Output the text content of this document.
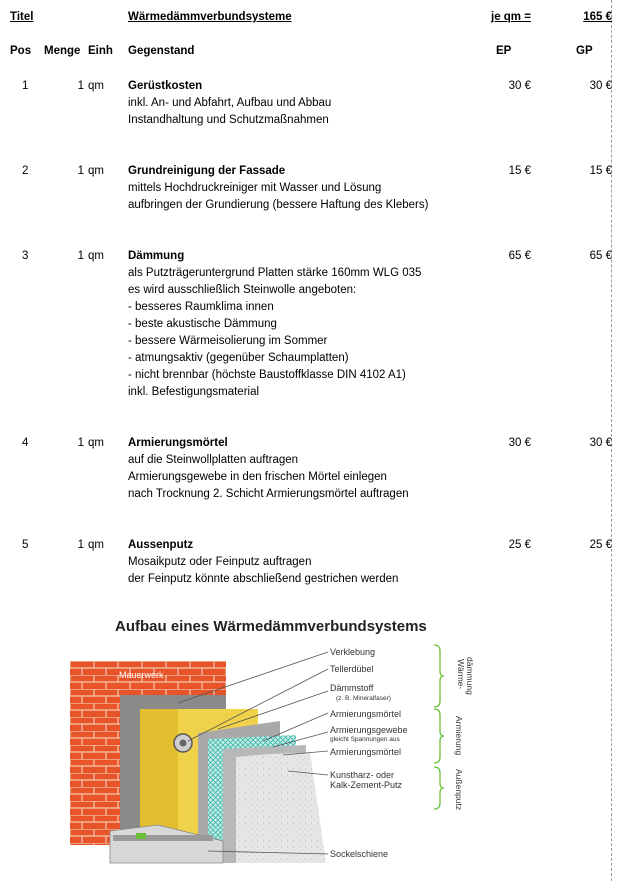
Titel	Wärmedämmverbundsysteme	je qm =	165 €
Pos Menge Einh Gegenstand	EP	GP
1	1 qm Gerüstkosten
inkl. An- und Abfahrt, Aufbau und Abbau
Instandhaltung und Schutzmaßnahmen
30 €	30 €
2	1 qm Grundreinigung der Fassade
mittels Hochdruckreiniger mit Wasser und Lösung
aufbringen der Grundierung (bessere Haftung des Klebers)
15 €	15 €
3	1 qm Dämmung
als Putzträgeruntergrund Platten stärke 160mm WLG 035
es wird ausschließlich Steinwolle angeboten:
- besseres Raumklima innen
- beste akustische Dämmung
- bessere Wärmeisolierung im Sommer
- atmungsaktiv (gegenüber Schaumplatten)
- nicht brennbar (höchste Baustoffklasse DIN 4102 A1)
inkl. Befestigungsmaterial
65 €	65 €
4	1 qm Armierungsmörtel
auf die Steinwollplatten auftragen
Armierungsgewebe in den frischen Mörtel einlegen
nach Trocknung 2. Schicht Armierungsmörtel auftragen
30 €	30 €
5	1 qm Aussenputz
Mosaikputz oder Feinputz auftragen
der Feinputz könnte abschließend gestrichen werden
25 €	25 €
Aufbau eines Wärmedämmverbundsystems
Mauerwerk
Verklebung
Tellerdübel
Dämmstoff
(z. B. Mineralfaser)
Armierungsmörtel
Armierungsgewebe
gleicht Spannungen aus
Armierungsmörtel
Kunstharz- oder
Kalk-Zement-Putz
Sockelschiene
Wärme- dämmung
Armierung
Außenputz
